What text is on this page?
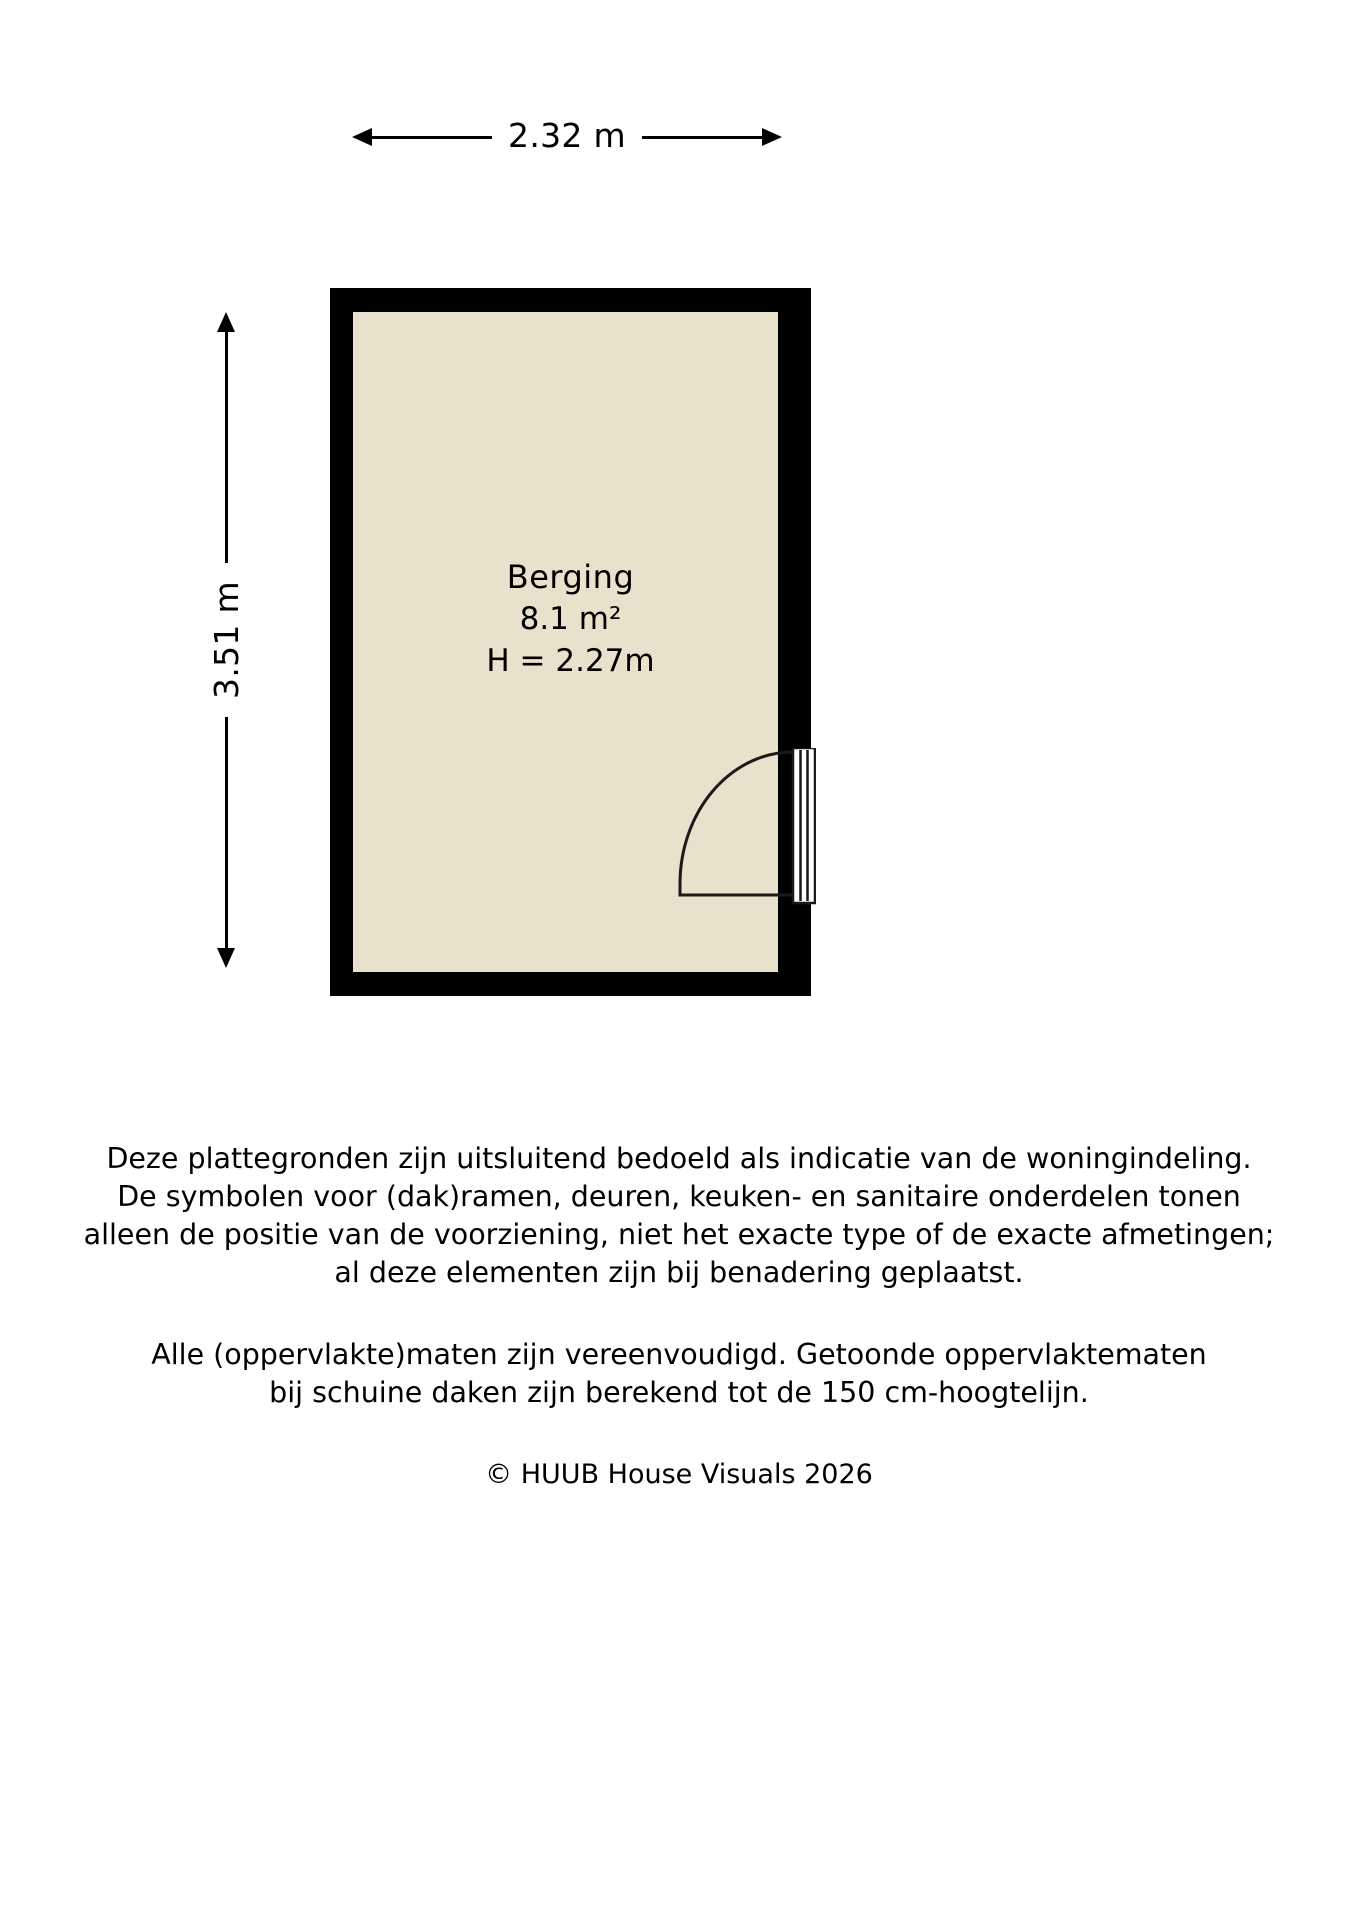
2.32 m
3.51 m
Berging
8.1 m²
H = 2.27m
Deze plattegronden zijn uitsluitend bedoeld als indicatie van de woningindeling.
De symbolen voor (dak)ramen, deuren, keuken- en sanitaire onderdelen tonen
alleen de positie van de voorziening, niet het exacte type of de exacte afmetingen;
al deze elementen zijn bij benadering geplaatst.
Alle (oppervlakte)maten zijn vereenvoudigd. Getoonde oppervlaktematen
bij schuine daken zijn berekend tot de 150 cm-hoogtelijn.
© HUUB House Visuals 2026
